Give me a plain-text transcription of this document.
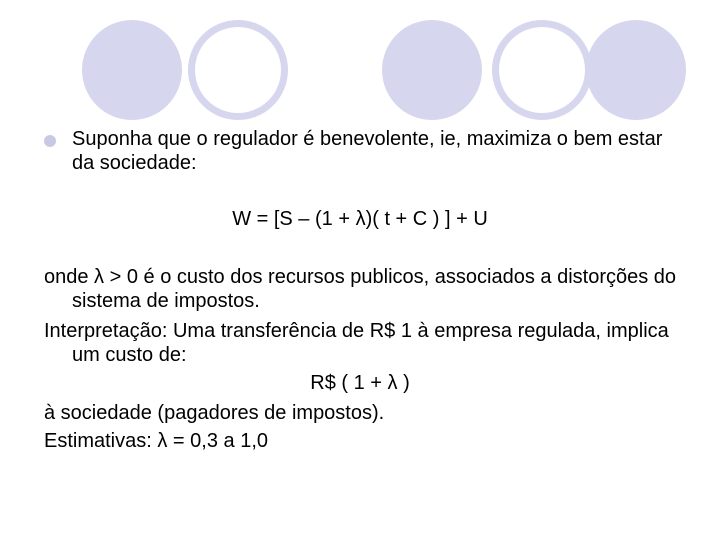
Suponha que o regulador é benevolente, ie, maximiza o bem estar da sociedade:
W = [S – (1 + λ)( t + C ) ] + U
onde λ > 0 é o custo dos recursos publicos, associados a distorções do sistema de impostos.
Interpretação: Uma transferência de R$ 1 à empresa regulada, implica um custo de:
R$ ( 1 + λ )
à sociedade (pagadores de impostos).
Estimativas: λ = 0,3 a 1,0
